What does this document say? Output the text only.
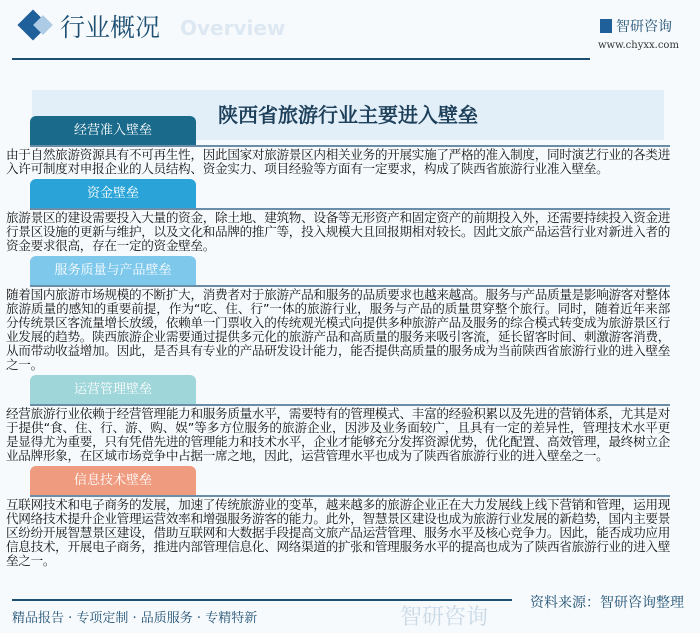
行业概况 Overview	智研咨询
www.chyxx.com
陕西省旅游行业主要进入壁垒
经营准入壁垒
由于自然旅游资源具有不可再生性，因此国家对旅游景区内相关业务的开展实施了严格的准入制度，同时演艺行业的各类进入许可制度对申报企业的人员结构、资金实力、项目经验等方面有一定要求，构成了陕西省旅游行业准入壁垒。
资金壁垒
旅游景区的建设需要投入大量的资金，除土地、建筑物、设备等无形资产和固定资产的前期投入外，还需要持续投入资金进行景区设施的更新与维护，以及文化和品牌的推广等，投入规模大且回报期相对较长。因此文旅产品运营行业对新进入者的资金要求很高，存在一定的资金壁垒。
服务质量与产品壁垒
随着国内旅游市场规模的不断扩大，消费者对于旅游产品和服务的品质要求也越来越高。服务与产品质量是影响游客对整体旅游质量的感知的重要前提，作为“吃、住、行”一体的旅游行业，服务与产品的质量贯穿整个旅行。同时，随着近年来部分传统景区客流量增长放缓，依赖单一门票收入的传统观光模式向提供多种旅游产品及服务的综合模式转变成为旅游景区行业发展的趋势。陕西旅游企业需要通过提供多元化的旅游产品和高质量的服务来吸引客流，延长留客时间、刺激游客消费，从而带动收益增加。因此，是否具有专业的产品研发设计能力，能否提供高质量的服务成为当前陕西省旅游行业的进入壁垒之一。
运营管理壁垒
经营旅游行业依赖于经营管理能力和服务质量水平，需要特有的管理模式、丰富的经验积累以及先进的营销体系，尤其是对于提供“食、住、行、游、购、娱”等多方位服务的旅游企业，因涉及业务面较广，且具有一定的差异性，管理技术水平更是显得尤为重要，只有凭借先进的管理能力和技术水平，企业才能够充分发挥资源优势，优化配置、高效管理，最终树立企业品牌形象，在区域市场竞争中占据一席之地，因此，运营管理水平也成为了陕西省旅游行业的进入壁垒之一。
信息技术壁垒
互联网技术和电子商务的发展，加速了传统旅游业的变革，越来越多的旅游企业正在大力发展线上线下营销和管理，运用现代网络技术提升企业管理运营效率和增强服务游客的能力。此外，智慧景区建设也成为旅游行业发展的新趋势，国内主要景区纷纷开展智慧景区建设，借助互联网和大数据手段提高文旅产品运营管理、服务水平及核心竞争力。因此，能否成功应用信息技术，开展电子商务，推进内部管理信息化、网络渠道的扩张和管理服务水平的提高也成为了陕西省旅游行业的进入壁垒之一。
资料来源：智研咨询整理
精品报告 · 专项定制 · 品质服务 · 专精特新	智研咨询
